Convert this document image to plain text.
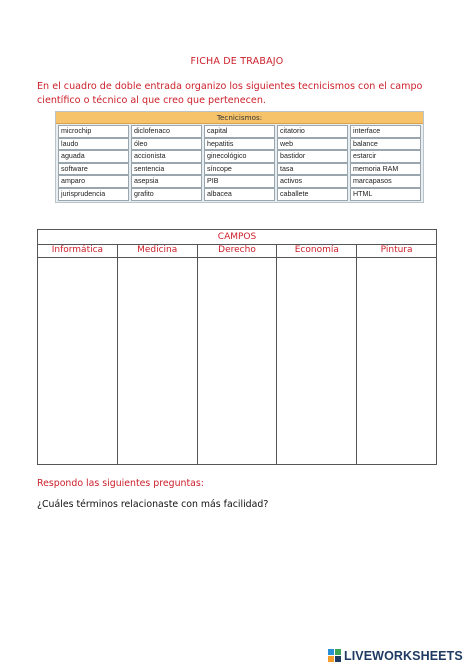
FICHA DE TRABAJO
En el cuadro de doble entrada organizo los siguientes tecnicismos con el campo científico o técnico al que creo que pertenecen.
Tecnicismos:
microchip	diclofenaco	capital	citatorio	interface
laudo	óleo	hepatitis	web	balance
aguada	accionista	ginecológico	bastidor	estarcir
software	sentencia	síncope	tasa	memoria RAM
amparo	asepsia	PIB	activos	marcapasos
jurisprudencia	grafito	albacea	caballete	HTML
CAMPOS
Informática	Medicina	Derecho	Economía	Pintura
Respondo las siguientes preguntas:
¿Cuáles términos relacionaste con más facilidad?
LIVEWORKSHEETS
